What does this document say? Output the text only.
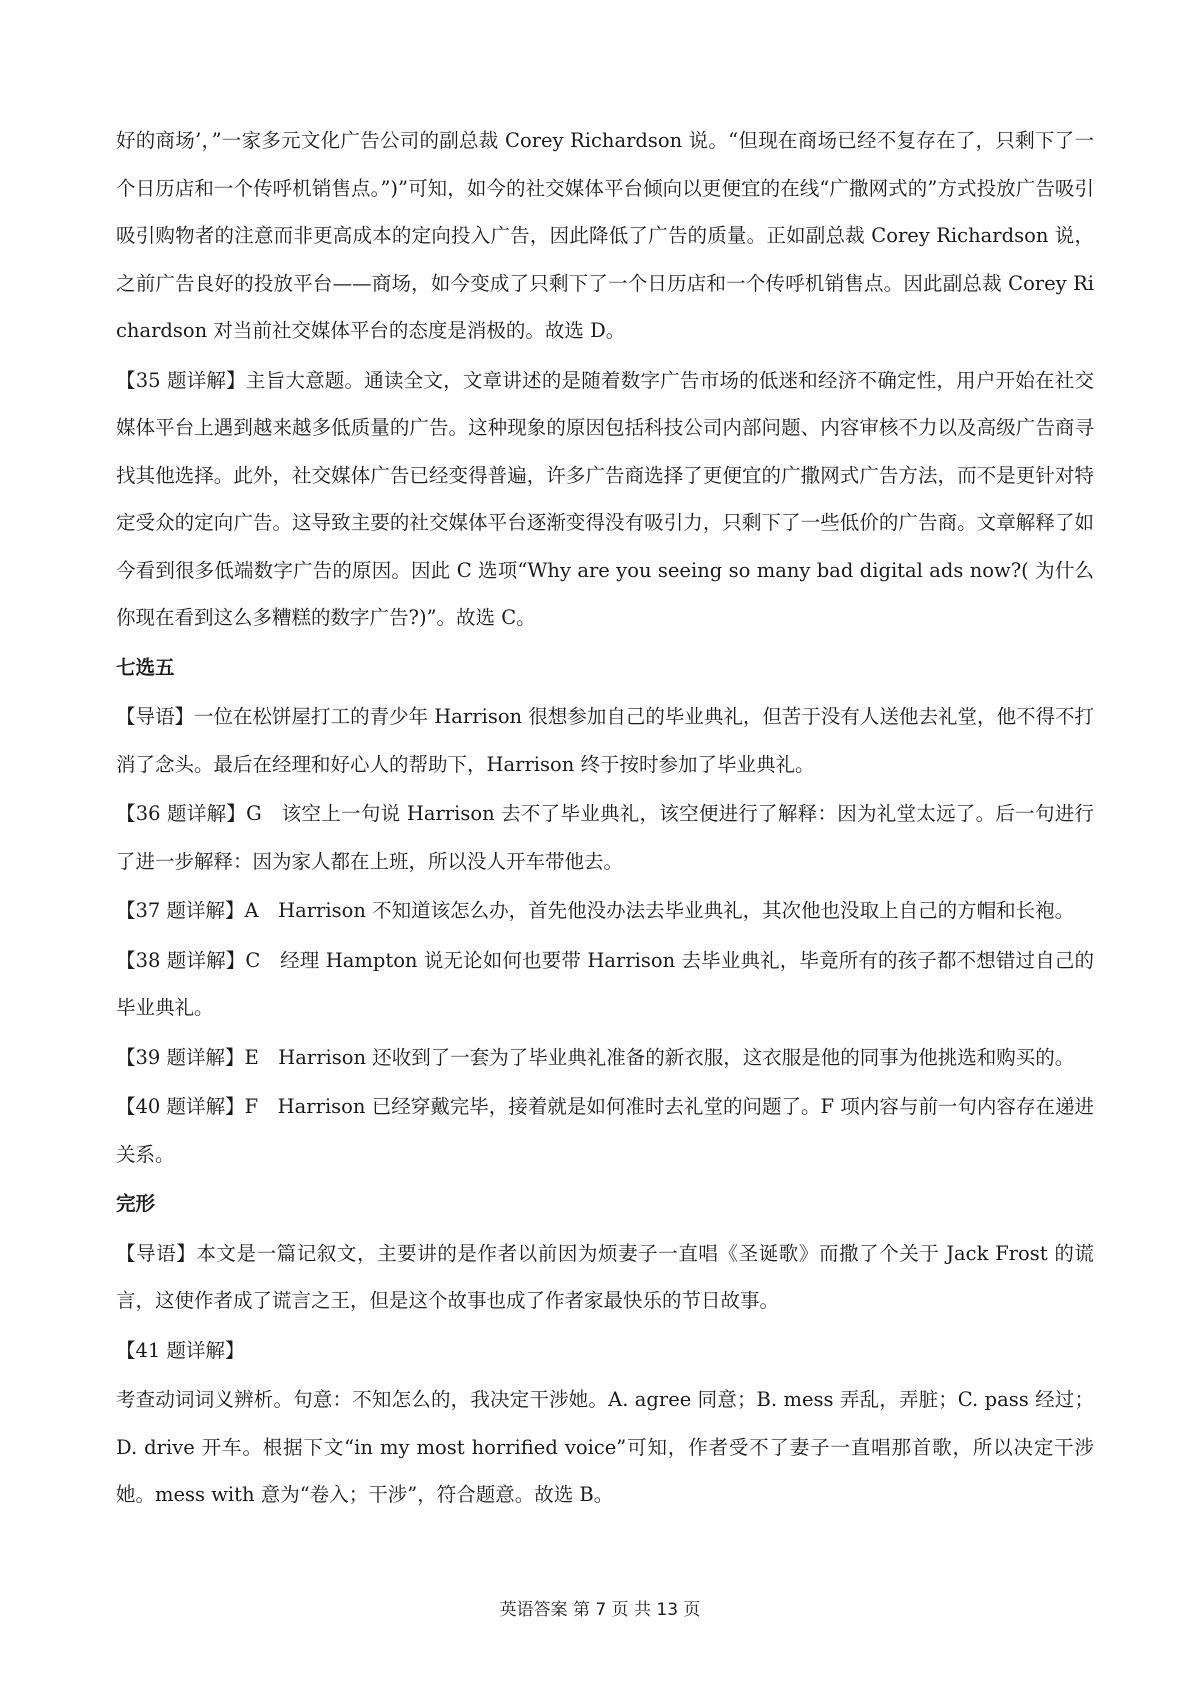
好的商场’，”一家多元文化广告公司的副总裁 Corey Richardson 说。“但现在商场已经不复存在了，只剩下了一个日历店和一个传呼机销售点。”)”可知，如今的社交媒体平台倾向以更便宜的在线“广撒网式的”方式投放广告吸引吸引购物者的注意而非更高成本的定向投入广告，因此降低了广告的质量。正如副总裁 Corey Richardson 说，之前广告良好的投放平台——商场，如今变成了只剩下了一个日历店和一个传呼机销售点。因此副总裁 Corey Richardson 对当前社交媒体平台的态度是消极的。故选 D。

【35 题详解】主旨大意题。通读全文，文章讲述的是随着数字广告市场的低迷和经济不确定性，用户开始在社交媒体平台上遇到越来越多低质量的广告。这种现象的原因包括科技公司内部问题、内容审核不力以及高级广告商寻找其他选择。此外，社交媒体广告已经变得普遍，许多广告商选择了更便宜的广撒网式广告方法，而不是更针对特定受众的定向广告。这导致主要的社交媒体平台逐渐变得没有吸引力，只剩下了一些低价的广告商。文章解释了如今看到很多低端数字广告的原因。因此 C 选项“Why are you seeing so many bad digital ads now?( 为什么你现在看到这么多糟糕的数字广告?)”。故选 C。

七选五

【导语】一位在松饼屋打工的青少年 Harrison 很想参加自己的毕业典礼，但苦于没有人送他去礼堂，他不得不打消了念头。最后在经理和好心人的帮助下，Harrison 终于按时参加了毕业典礼。

【36 题详解】G　该空上一句说 Harrison 去不了毕业典礼，该空便进行了解释：因为礼堂太远了。后一句进行了进一步解释：因为家人都在上班，所以没人开车带他去。

【37 题详解】A　Harrison 不知道该怎么办，首先他没办法去毕业典礼，其次他也没取上自己的方帽和长袍。

【38 题详解】C　经理 Hampton 说无论如何也要带 Harrison 去毕业典礼，毕竟所有的孩子都不想错过自己的毕业典礼。

【39 题详解】E　Harrison 还收到了一套为了毕业典礼准备的新衣服，这衣服是他的同事为他挑选和购买的。

【40 题详解】F　Harrison 已经穿戴完毕，接着就是如何准时去礼堂的问题了。F 项内容与前一句内容存在递进关系。

完形

【导语】本文是一篇记叙文，主要讲的是作者以前因为烦妻子一直唱《圣诞歌》而撒了个关于 Jack Frost 的谎言，这使作者成了谎言之王，但是这个故事也成了作者家最快乐的节日故事。

【41 题详解】

考查动词词义辨析。句意：不知怎么的，我决定干涉她。A. agree 同意；B. mess 弄乱，弄脏；C. pass 经过；D. drive 开车。根据下文“in my most horrified voice”可知，作者受不了妻子一直唱那首歌，所以决定干涉她。mess with 意为“卷入；干涉”，符合题意。故选 B。

英语答案 第 7 页 共 13 页
